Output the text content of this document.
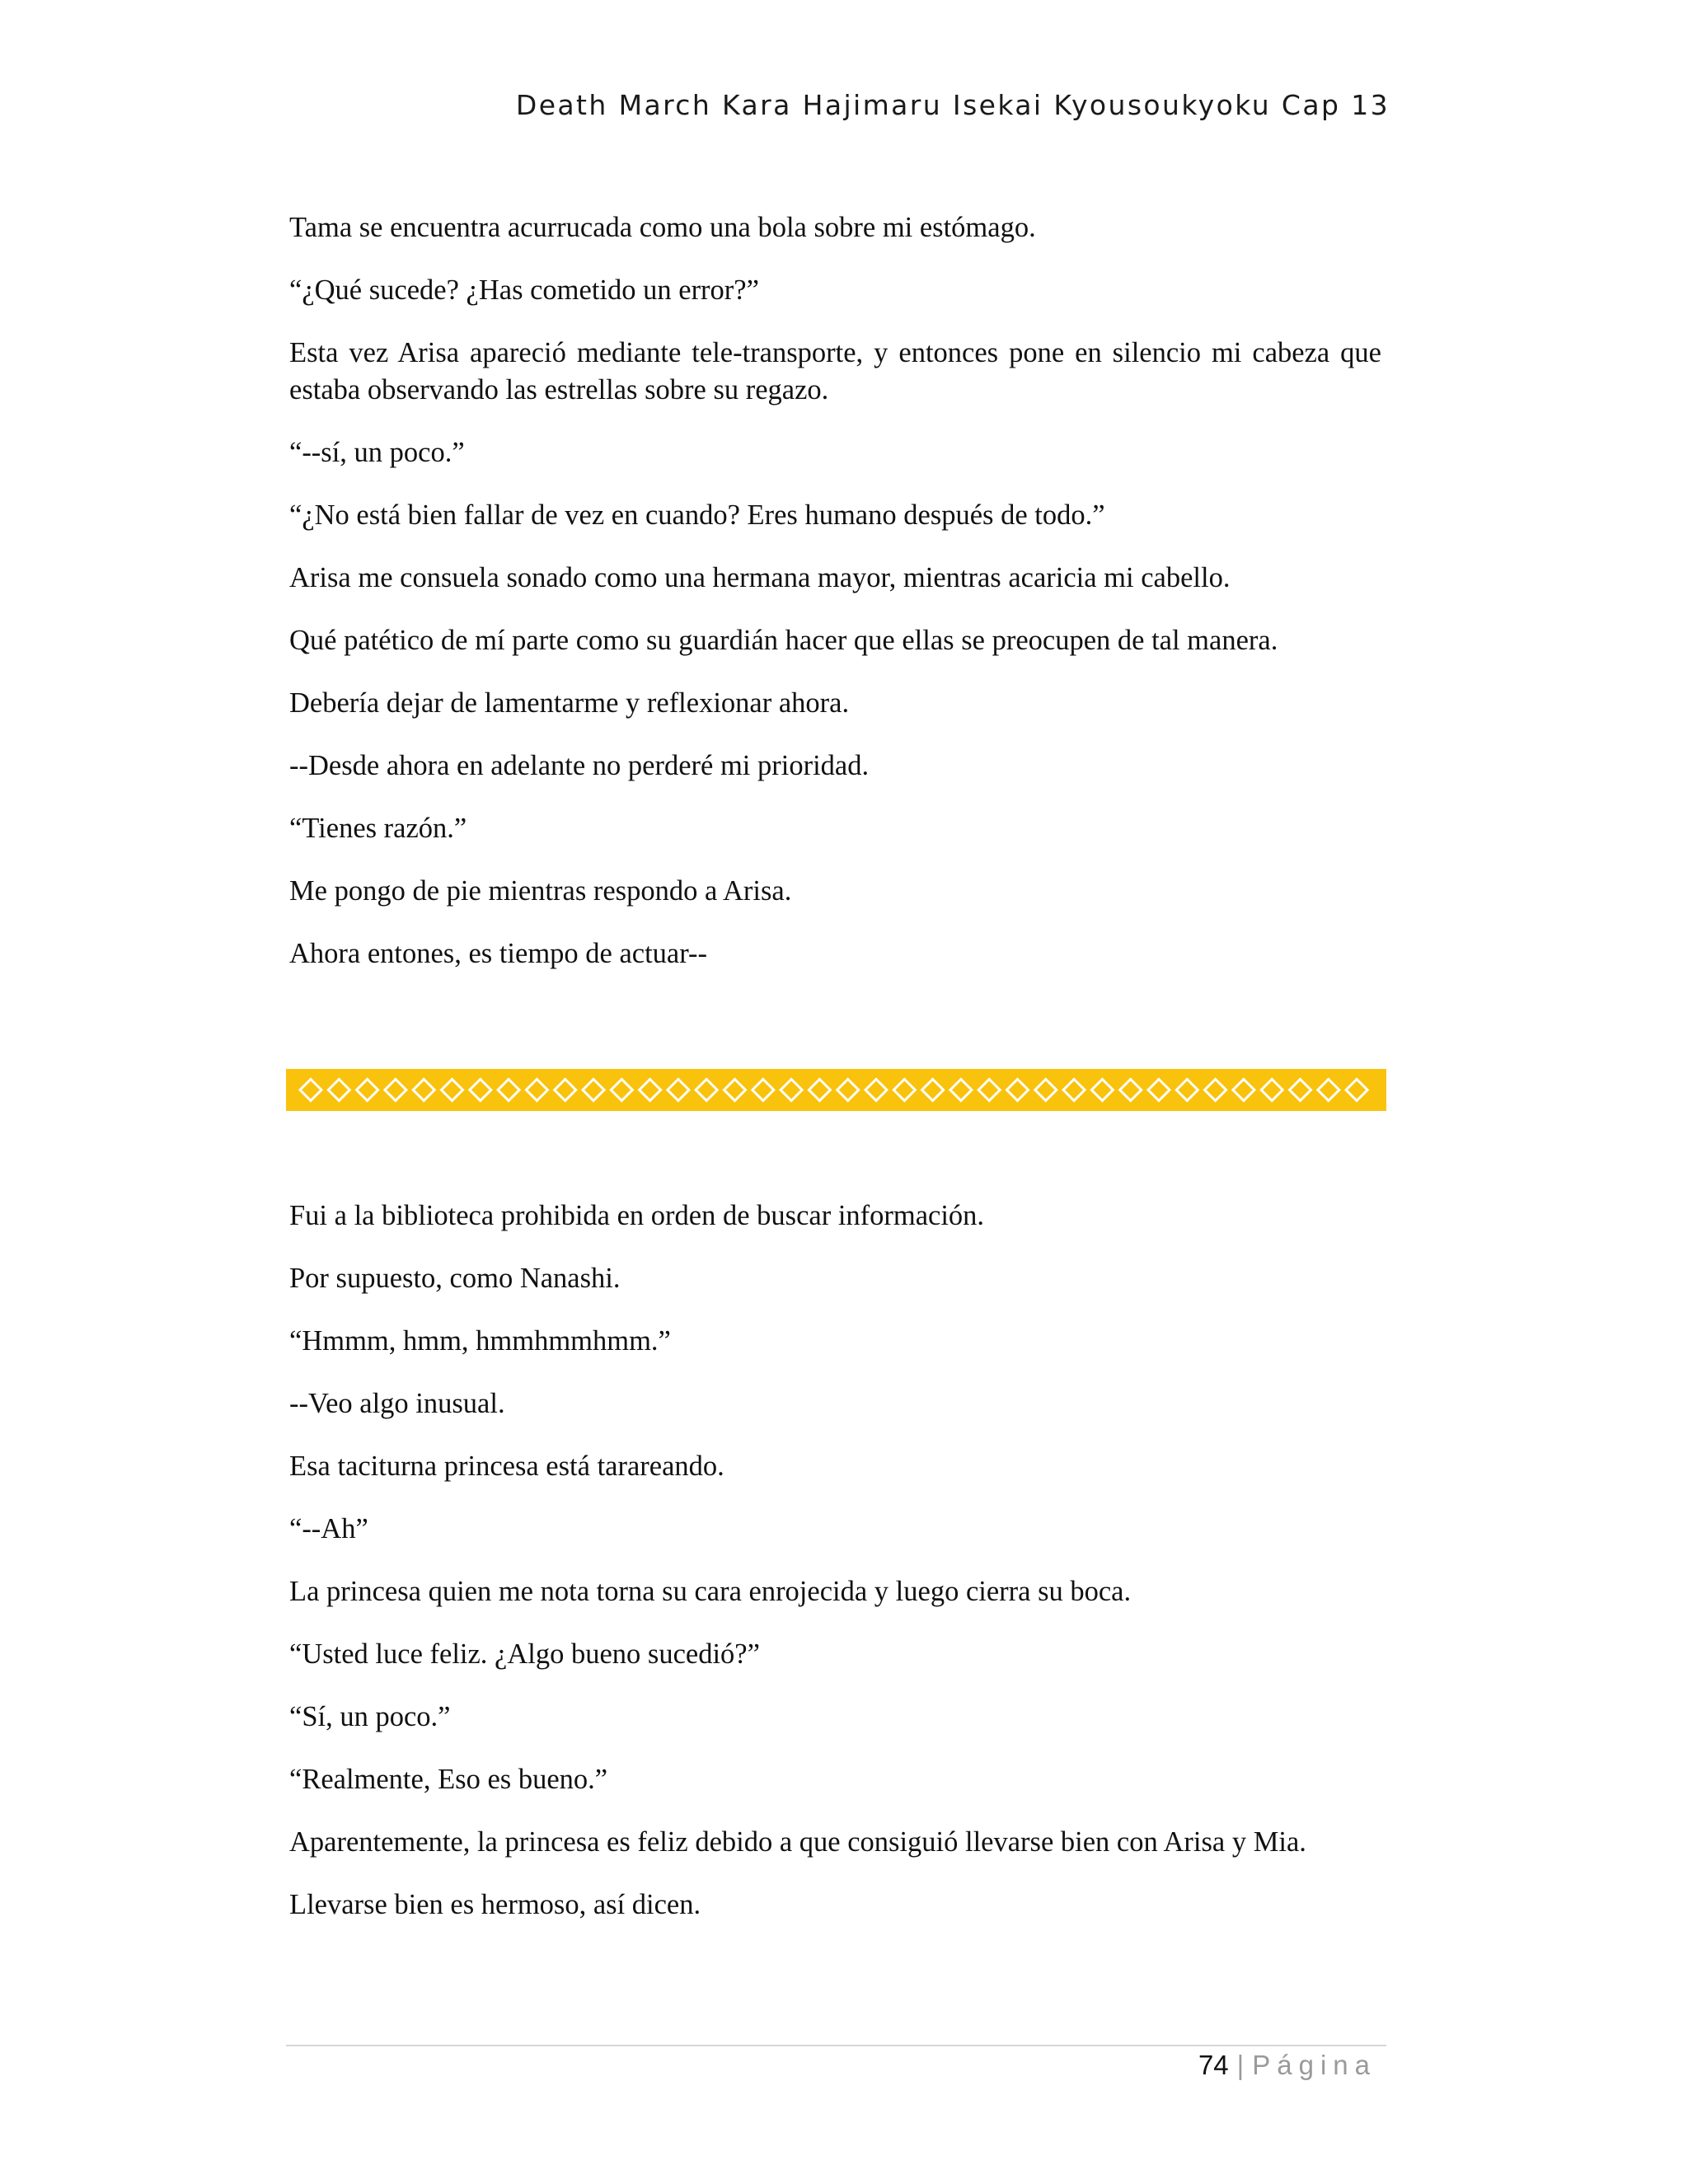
Death March Kara Hajimaru Isekai Kyousoukyoku Cap 13

Tama se encuentra acurrucada como una bola sobre mi estómago.

“¿Qué sucede? ¿Has cometido un error?”

Esta vez Arisa apareció mediante tele-transporte, y entonces pone en silencio mi cabeza que estaba observando las estrellas sobre su regazo.

“--sí, un poco.”

“¿No está bien fallar de vez en cuando? Eres humano después de todo.”

Arisa me consuela sonado como una hermana mayor, mientras acaricia mi cabello.

Qué patético de mí parte como su guardián hacer que ellas se preocupen de tal manera.

Debería dejar de lamentarme y reflexionar ahora.

--Desde ahora en adelante no perderé mi prioridad.

“Tienes razón.”

Me pongo de pie mientras respondo a Arisa.

Ahora entones, es tiempo de actuar--

Fui a la biblioteca prohibida en orden de buscar información.

Por supuesto, como Nanashi.

“Hmmm, hmm, hmmhmmhmm.”

--Veo algo inusual.

Esa taciturna princesa está tarareando.

“--Ah”

La princesa quien me nota torna su cara enrojecida y luego cierra su boca.

“Usted luce feliz. ¿Algo bueno sucedió?”

“Sí, un poco.”

“Realmente, Eso es bueno.”

Aparentemente, la princesa es feliz debido a que consiguió llevarse bien con Arisa y Mia.

Llevarse bien es hermoso, así dicen.

74 | Página
